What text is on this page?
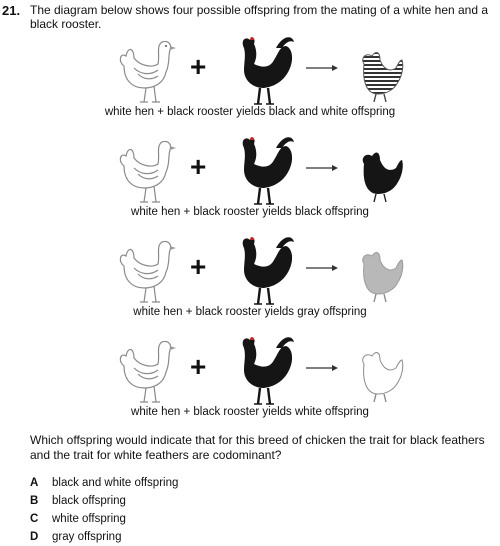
21. The diagram below shows four possible offspring from the mating of a white hen and a black rooster.
+
white hen + black rooster yields black and white offspring
+
white hen + black rooster yields black offspring
+
white hen + black rooster yields gray offspring
+
white hen + black rooster yields white offspring
Which offspring would indicate that for this breed of chicken the trait for black feathers and the trait for white feathers are codominant?
A black and white offspring
B black offspring
C white offspring
D gray offspring
